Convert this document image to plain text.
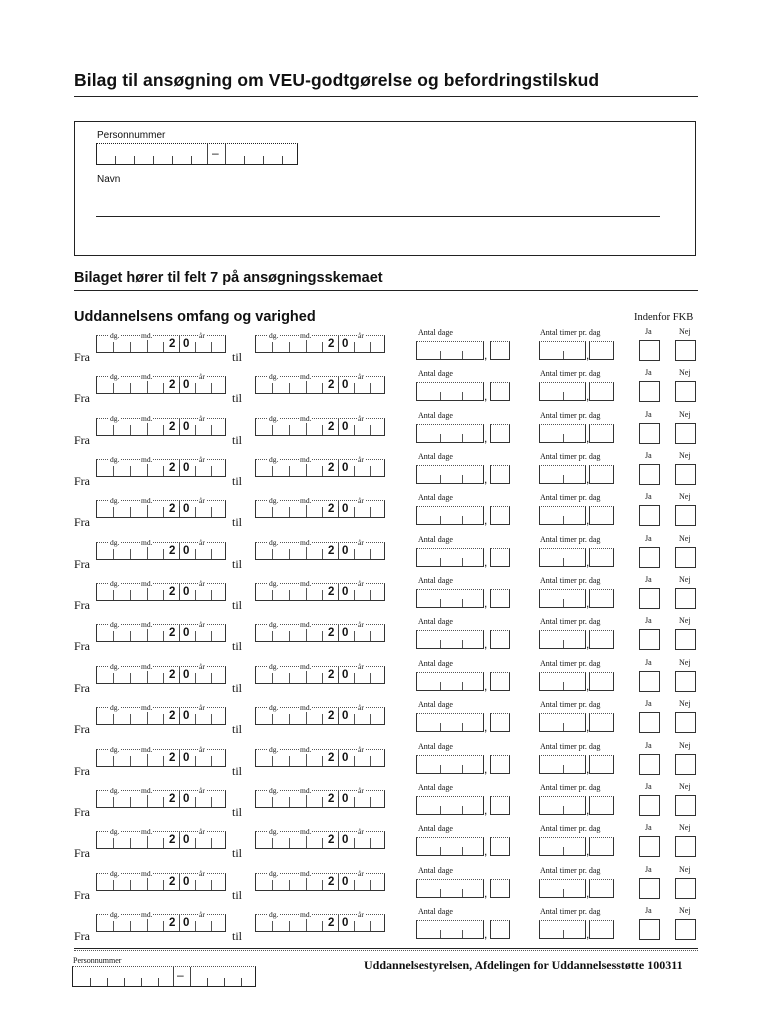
Bilag til ansøgning om VEU-godtgørelse og befordringstilskud
Personnummer
–
Navn
Bilaget hører til felt 7 på ansøgningsskemaet
Uddannelsens omfang og varighed	Indenfor FKB
Fra
dg.	md.	år
2 0
til
dg.	md.	år
2 0
Antal dage
,
Antal timer pr. dag
,
Ja	Nej
Fra
dg.	md.	år
2 0
til
dg.	md.	år
2 0
Antal dage
,
Antal timer pr. dag
,
Ja	Nej
Fra
dg.	md.	år
2 0
til
dg.	md.	år
2 0
Antal dage
,
Antal timer pr. dag
,
Ja	Nej
Fra
dg.	md.	år
2 0
til
dg.	md.	år
2 0
Antal dage
,
Antal timer pr. dag
,
Ja	Nej
Fra
dg.	md.	år
2 0
til
dg.	md.	år
2 0
Antal dage
,
Antal timer pr. dag
,
Ja	Nej
Fra
dg.	md.	år
2 0
til
dg.	md.	år
2 0
Antal dage
,
Antal timer pr. dag
,
Ja	Nej
Fra
dg.	md.	år
2 0
til
dg.	md.	år
2 0
Antal dage
,
Antal timer pr. dag
,
Ja	Nej
Fra
dg.	md.	år
2 0
til
dg.	md.	år
2 0
Antal dage
,
Antal timer pr. dag
,
Ja	Nej
Fra
dg.	md.	år
2 0
til
dg.	md.	år
2 0
Antal dage
,
Antal timer pr. dag
,
Ja	Nej
Fra
dg.	md.	år
2 0
til
dg.	md.	år
2 0
Antal dage
,
Antal timer pr. dag
,
Ja	Nej
Fra
dg.	md.	år
2 0
til
dg.	md.	år
2 0
Antal dage
,
Antal timer pr. dag
,
Ja	Nej
Fra
dg.	md.	år
2 0
til
dg.	md.	år
2 0
Antal dage
,
Antal timer pr. dag
,
Ja	Nej
Fra
dg.	md.	år
2 0
til
dg.	md.	år
2 0
Antal dage
,
Antal timer pr. dag
,
Ja	Nej
Fra
dg.	md.	år
2 0
til
dg.	md.	år
2 0
Antal dage
,
Antal timer pr. dag
,
Ja	Nej
Fra
dg.	md.	år
2 0
til
dg.	md.	år
2 0
Antal dage
,
Antal timer pr. dag
,
Ja	Nej
Personnummer
–
Uddannelsestyrelsen, Afdelingen for Uddannelsesstøtte 100311
